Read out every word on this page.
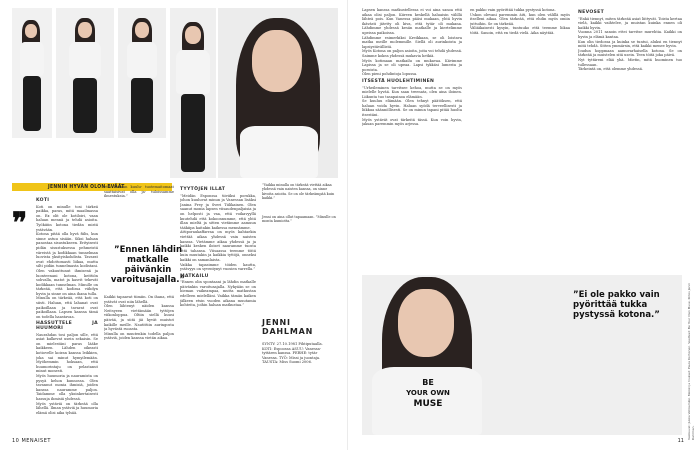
JENNIN HYVÄN OLON EVÄÄT
❞
KOTI

Koti on minulle tosi tärkeä paikka, paras, mitä maailmassa on. Ex olit ole kotiloiri, vaan haluan mennä ja tehdä asioita. Työkiiiin kotona tiedän mistä ystävään.
Kotona pitää olla hyvä fiilis, kun sinne astuu sisään. Siksi haluan panostaa sisustukseen. Erityisesti pidän sisustuksessa pehmeistä väreistä ja kodikkaan tunnelman luovista yksityiskohdista. Tavarat ovat ehdottomasti liikaa, mutta silti pidän tunnelmasta kodistani. Olen vakuuttunut ihmisenä ja luonteenani kotona, keittiön sohvalla, matot ja kasvit tekevät kodikkaan tunnelman. Minulle on tärkeää, että kodissa viihdyn hyvin ja sinne on aina ihana tulla.
Minulla on tärkeää, että koti on siisti. Haluan, että lahanat ovat paikoillaan ja tavarat ovat paikoillaan. Lapsen kanssa tämä on todella haastavaa.

HASSUTTELE JA HUUMORI

Naurahdan tosi paljon sille, että asiat kulkevat usein sekaisin. Se on mielestäni paras lääke kaikkeen. Lähden oikeasti kotiovelle koiran kanssa leikkien, joka sai minut hymyilemään. Myöhemmin hoksaan, että huumorintaju on pelastanut minut monesti.
Myös huumoria ja nauramista on pysyä kehon kunnossa. Olen tavannut monia ihmisiä, joiden kanssa nauramme paljon. Taidamme olla yksinkertaisesti hassuja ihmisiä yhdessä.
Myös ystäviä on tärkeää olla lähellä. Ilman ystäviä ja huumoria elämä olisi aika tylsää.

”Ennen lähdin matkalle päivänkin varoitusajalla.”

että kukaan kuulu- tuotemaitomaat saattaisivat olla ja- tuloissamme ilmestuksia.”

Kaikki tapaavat tiimiin. On ihana, että ystävät ovat niin lähellä.
Olen lähtenyt näiden kanssa Neitsyeen viettämään tyttöjen viikonloppua. Oltiin siellä kuusi päivää, ja siitä jäi hyvät muistot kaikille meille. Nautittiin auringosta ja hyvästä ruoasta.
Minulla on muutenkin todella paljon ystäviä, joiden kanssa vietän aikaa.

TYYTÖJEN ILLAT

”Meidän Esponssa tiiviiksi porukka, johon kuuluvat minun ja Vanessan lisäksi Janina Frey ja Sveri Tiilikainen. Olen saanut monia lapsen viisaudenpaljaisia ja on helposti ja vaa, että voikavyyllä kuutehdä että kokoonnumme, että yhtä illan mieltä ja sitten vietämme aamuun tääkiipa kaitakin kaikessa mennämme.
Attiporaukaffarraa on myös kahtaekin viettää aikaa yhdessä vain naisten kanssa. Vietämme aikaa yhdessä ja ja kaikki kesken iloiset nauramme tuosta että tahansa. Viisaassa teemme töitä kuin muutakin ja kaikkia tyttöjä, onneksi kaikki on samanlaista.
Vaikka tapasimme töiden kautta, ystävyys on syventynyt vuosien varrella.”

MATKAILU

”Ennen olin spontaani ja lähdin matkalle päivänkin varoitusajalla. Nykyään se on hieman vaikeampaa, mutta matkustan edelleen mielelläni. Vaikka tämän kaiken jälkeen etsin vuoden aikana muutamia kohteita, joihin haluan matkustaa.”

”Vaikka minulla on tärkeää viettää aikaa yhdessä vain naisten kanssa, on sinne kivoita asioita. Se on ole tärkeämpää kuin kaikki.”
Jenni on aina ollut tapaamaan. ”Minulle on monta kumiotta.”
JENNI
DAHLMAN
SYNTY: 27.10.1981 Pihtiputaalla. KOTI: Espoossa ASUU: Vanessa-tyttären kanssa. PERHE: tytär Vanessa. TYÖ: Missi ja juontaja. TAUSTA: Miss Suomi 2006.
10 MENAISET

Lapsen kanssa matkustellessa ei voi aina sanoa että aikaa olisi paljon. Kiireen keskellä haluaisin välillä lähteä pois. Kun Vanessa pääsi mukaan, yhtä hyvin ikävästi jätetty oli kiva, että tytär oli mukana. Lähdimme yhdessä kesän matkalle ja kiertelimme upeissa paikoissa.
Lähdimme esimerkiksi Kreikkaan, se oli loistava matka meille molemmille. Siellä oli aurinkoista ja lapsiystävällistä.
Myös Kotona on paljon asioita, joita voi tehdä yhdessä. Saimme kokea yhdessä mukavia hetkiä.
Myös kotimaan matkailu on mukavaa. Kävimme Lapissa ja se oli upeaa. Lapsi tykkäsi lumesta ja poroista.
Olen pieni pohdintoja lopussa.

ITSESTÄ HUOLEHTIMINEN

”Urheileminen tarvitsee kehoa, mutta se on myös mielelle hyvää. Kun saan treenata, olen aina iloinen. Liikunta tuo tasapainoa elämään.
Se kuuluu elämään. Olen tehnyt päätöksen, että haluan voida hyvin. Haluan syödä terveellisesti ja liikkua säännöllisesti. Se on minun tapani pitää huolta itsestäni.
Myös ystävät ovat tärkeitä tässä. Kun voin hyvin, jaksan paremmin myös arjessa.

en pakko vain pyörittää tukka pystyssä kotona.
Uskon olevani paremmin äiti, kun olen välillä myös itselleni aikaa. Olen tärkeää, että ehdin myös omiin juttuihin. Se on tärkeää.
Väliäikaisesti kysyin, tuntuuko että teemme liikaa töitä. Sanoin, että en tiedä vielä. Aika näyttää.

NEVOSET

”Enkä tiennyt, miten tärkeää asiat liittyvät. Toista kertaa vielä, kaikki vaihtelee, ja muistan kuinka ennen oli kaikki hyvin.
Vuonna 2011 sanoin ettei tarvitse murehtia. Kaikki on hyvin ja elämä kantaa.
Kun olin tiedossa ja kuinka se tuntui, aluksi en tiennyt mitä tehdä. Sitten ymmärsin, että kaikki menee hyvin.
Joudun hoppmaan aamuvarhaisella kotona. Se on tärkeää ja muistelen sitä usein. Teen töitä joka päivä.
Nyt tyttäreni elää yhä. Mietin, mitä huominen tuo tullessaan.
Tärkeintä on, että olemme yhdessä.

BE
YOUR OWN
MUSE
”Ei ole pakko vain pyörittää tukka pystyssä kotona.”
11
Valokuvat: Jukka Vehkamäki. Meikki ja hiukset: Paula Korhonen. Vaatteet: Be Your Own Muse. Kiitos Jenni Dahlman.
